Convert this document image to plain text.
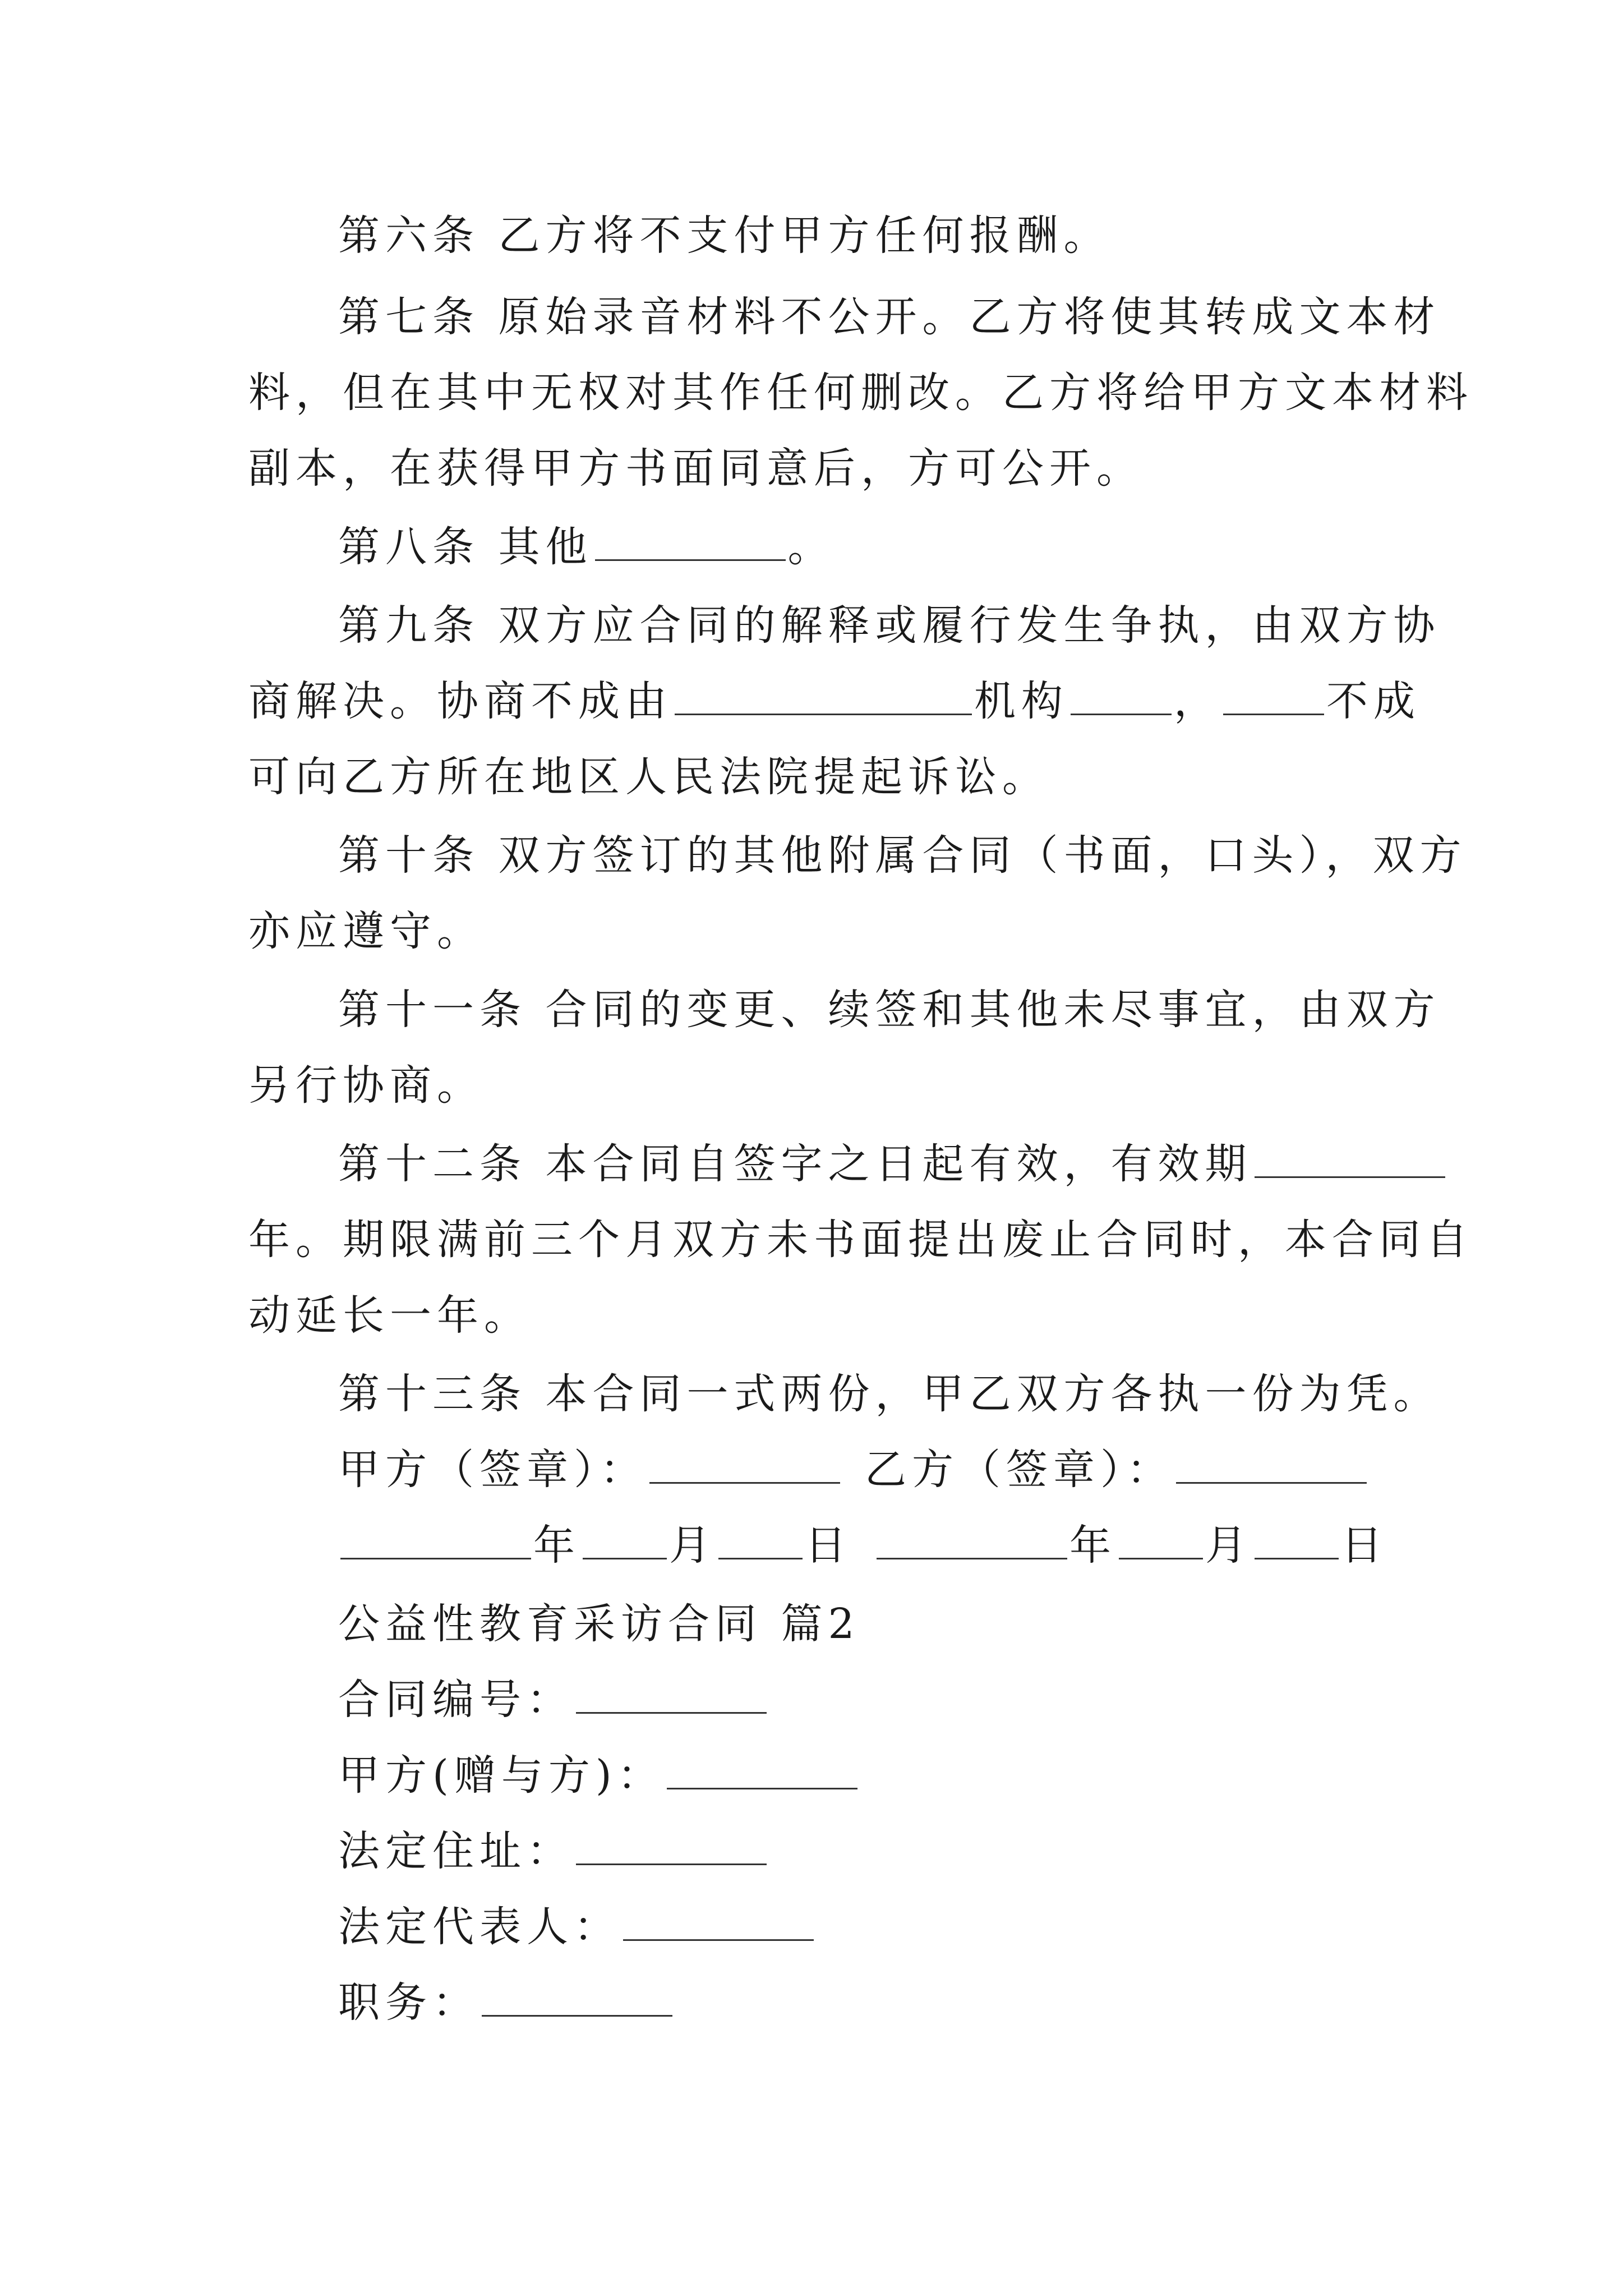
第六条 乙方将不支付甲方任何报酬。
第七条 原始录音材料不公开。乙方将使其转成文本材
料，但在其中无权对其作任何删改。乙方将给甲方文本材料
副本，在获得甲方书面同意后，方可公开。
第八条 其他	。
第九条 双方应合同的解释或履行发生争执，由双方协
商解决。协商不成由	机构	，	不成
可向乙方所在地区人民法院提起诉讼。
第十条 双方签订的其他附属合同（书面，口头），双方
亦应遵守。
第十一条 合同的变更、续签和其他未尽事宜，由双方
另行协商。
第十二条 本合同自签字之日起有效，有效期
年。期限满前三个月双方未书面提出废止合同时，本合同自
动延长一年。
第十三条 本合同一式两份，甲乙双方各执一份为凭。
甲方（签章）：	乙方（签章）：
年 月 日	年 月 日
公益性教育采访合同 篇2
合同编号：
甲方(赠与方)：
法定住址：
法定代表人：
职务：
